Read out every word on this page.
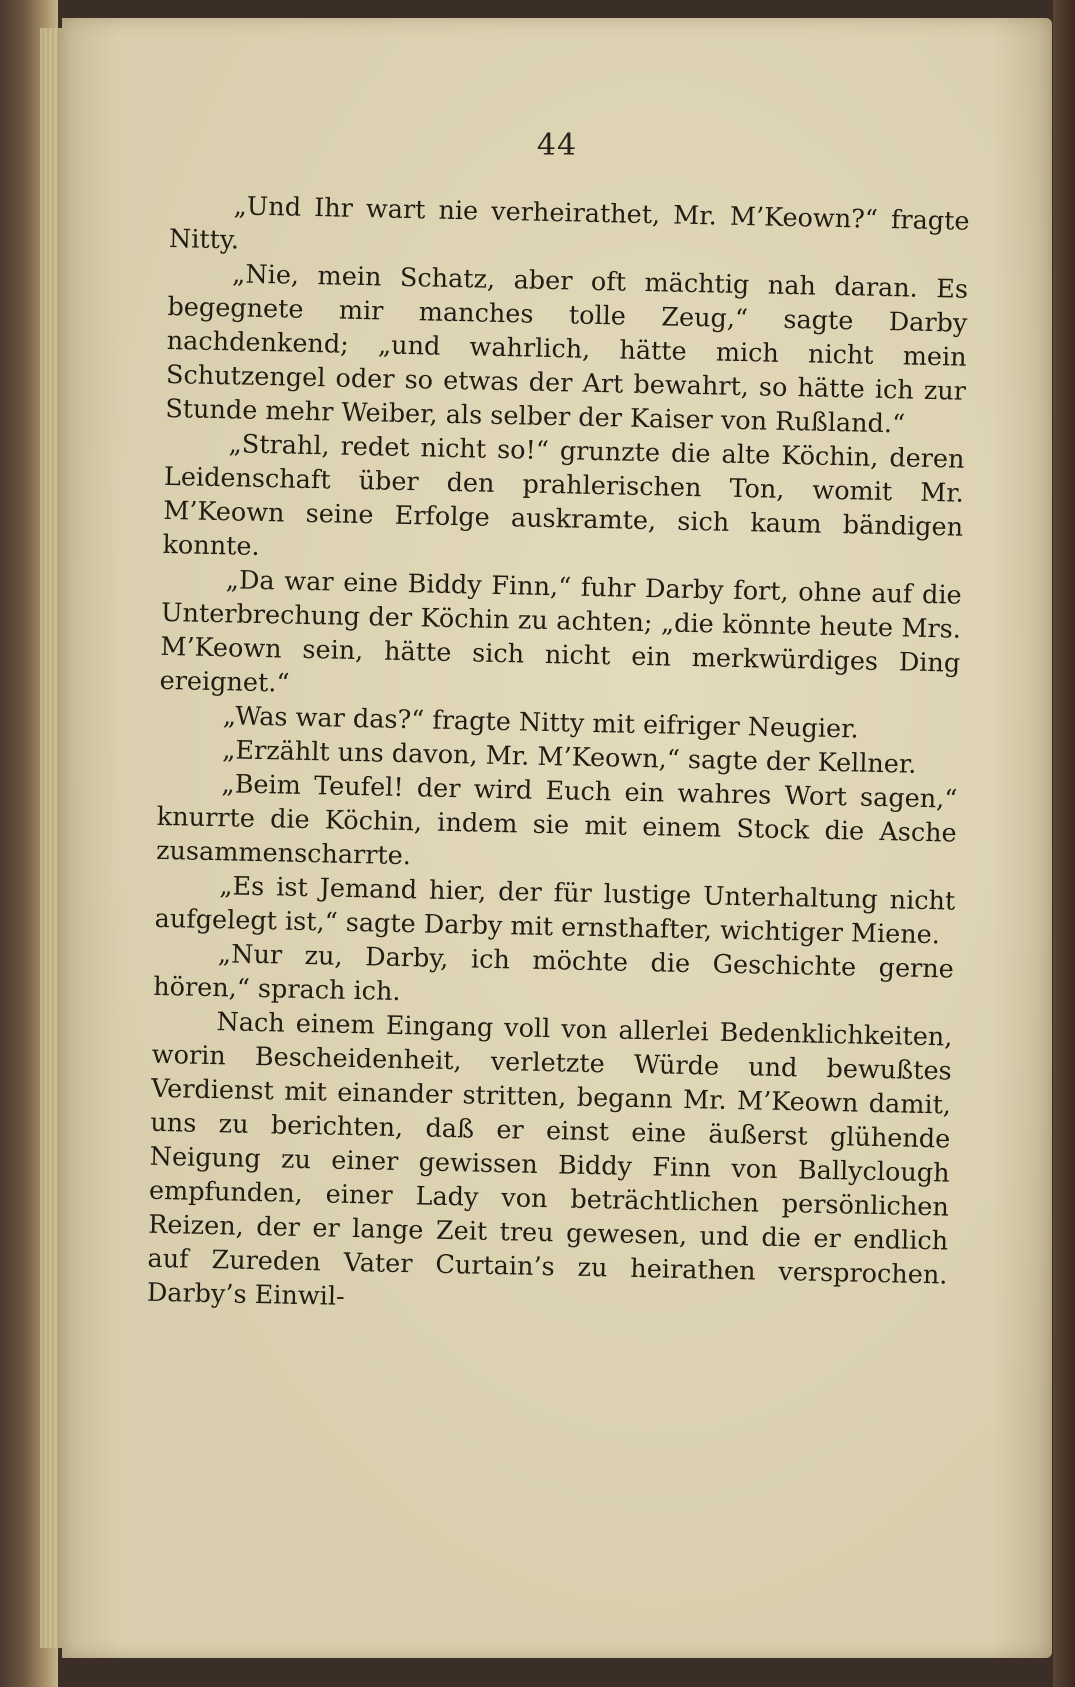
44

„Und Ihr wart nie verheirathet, Mr. M’Keown?“ fragte Nitty.

„Nie, mein Schatz, aber oft mächtig nah daran. Es begegnete mir manches tolle Zeug,“ sagte Darby nachdenkend; „und wahrlich, hätte mich nicht mein Schutzengel oder so etwas der Art bewahrt, so hätte ich zur Stunde mehr Weiber, als selber der Kaiser von Rußland.“

„Strahl, redet nicht so!“ grunzte die alte Köchin, deren Leidenschaft über den prahlerischen Ton, womit Mr. M’Keown seine Erfolge auskramte, sich kaum bändigen konnte.

„Da war eine Biddy Finn,“ fuhr Darby fort, ohne auf die Unterbrechung der Köchin zu achten; „die könnte heute Mrs. M’Keown sein, hätte sich nicht ein merkwürdiges Ding ereignet.“

„Was war das?“ fragte Nitty mit eifriger Neugier.

„Erzählt uns davon, Mr. M’Keown,“ sagte der Kellner.

„Beim Teufel! der wird Euch ein wahres Wort sagen,“ knurrte die Köchin, indem sie mit einem Stock die Asche zusammenscharrte.

„Es ist Jemand hier, der für lustige Unterhaltung nicht aufgelegt ist,“ sagte Darby mit ernsthafter, wichtiger Miene.

„Nur zu, Darby, ich möchte die Geschichte gerne hören,“ sprach ich.

Nach einem Eingang voll von allerlei Bedenklichkeiten, worin Bescheidenheit, verletzte Würde und bewußtes Verdienst mit einander stritten, begann Mr. M’Keown damit, uns zu berichten, daß er einst eine äußerst glühende Neigung zu einer gewissen Biddy Finn von Ballyclough empfunden, einer Lady von beträchtlichen persönlichen Reizen, der er lange Zeit treu gewesen, und die er endlich auf Zureden Vater Curtain’s zu heirathen versprochen. Darby’s Einwil-
